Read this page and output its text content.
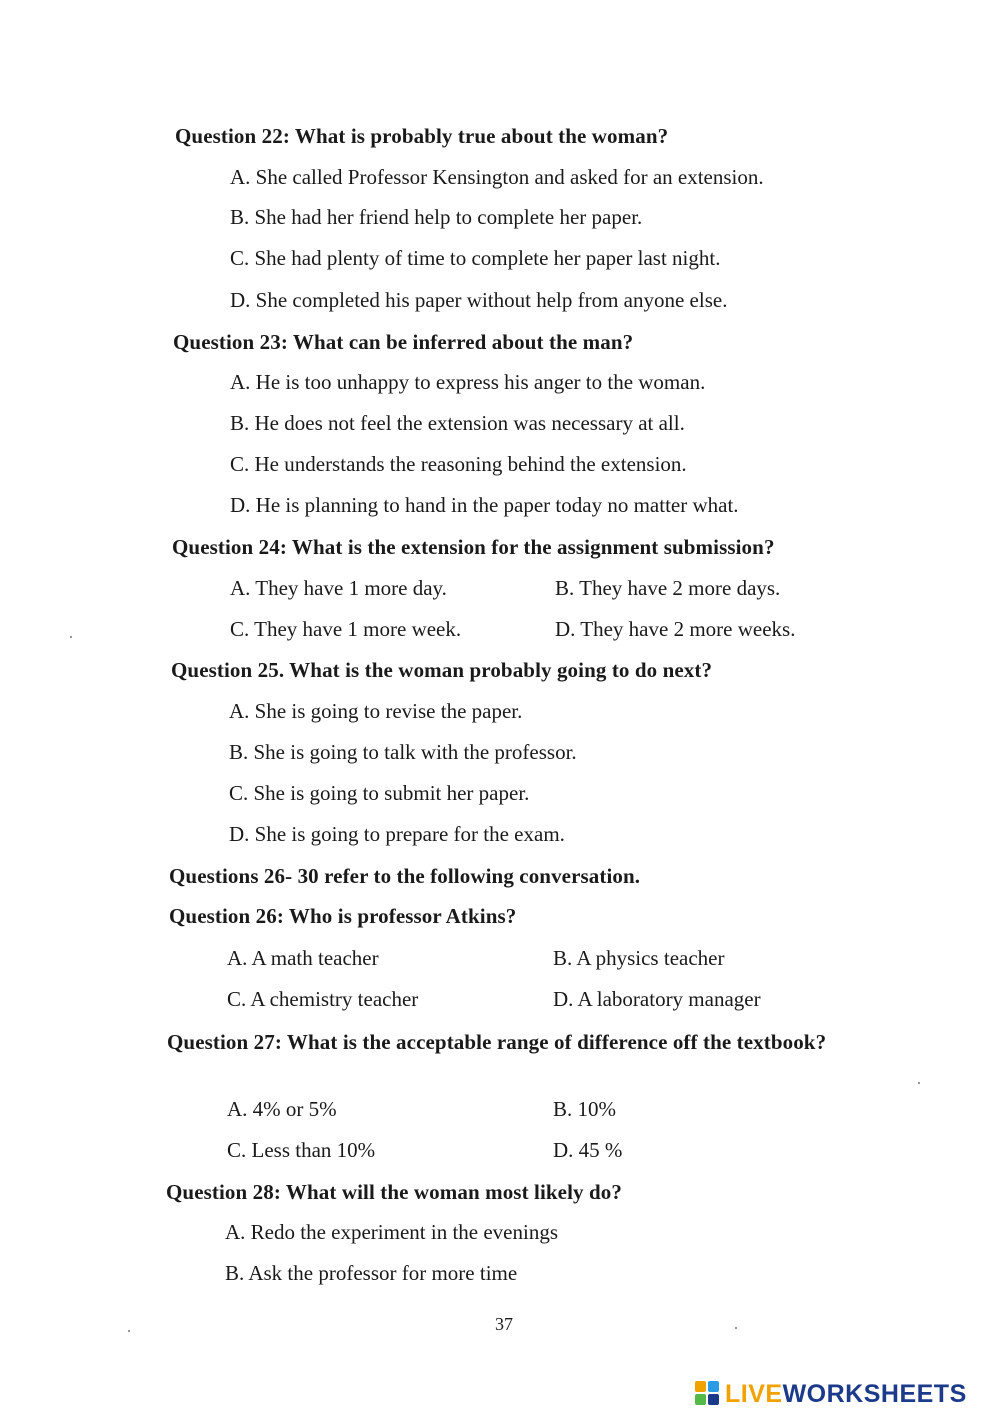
Question 22: What is probably true about the woman?
A. She called Professor Kensington and asked for an extension.
B. She had her friend help to complete her paper.
C. She had plenty of time to complete her paper last night.
D. She completed his paper without help from anyone else.
Question 23: What can be inferred about the man?
A. He is too unhappy to express his anger to the woman.
B. He does not feel the extension was necessary at all.
C. He understands the reasoning behind the extension.
D. He is planning to hand in the paper today no matter what.
Question 24: What is the extension for the assignment submission?
A. They have 1 more day.	B. They have 2 more days.
C. They have 1 more week.	D. They have 2 more weeks.
Question 25. What is the woman probably going to do next?
A. She is going to revise the paper.
B. She is going to talk with the professor.
C. She is going to submit her paper.
D. She is going to prepare for the exam.
Questions 26- 30 refer to the following conversation.
Question 26: Who is professor Atkins?
A. A math teacher	B. A physics teacher
C. A chemistry teacher	D. A laboratory manager
Question 27: What is the acceptable range of difference off the textbook?
A. 4% or 5%	B. 10%
C. Less than 10%	D. 45 %
Question 28: What will the woman most likely do?
A. Redo the experiment in the evenings
B. Ask the professor for more time
37
LIVEWORKSHEETS
